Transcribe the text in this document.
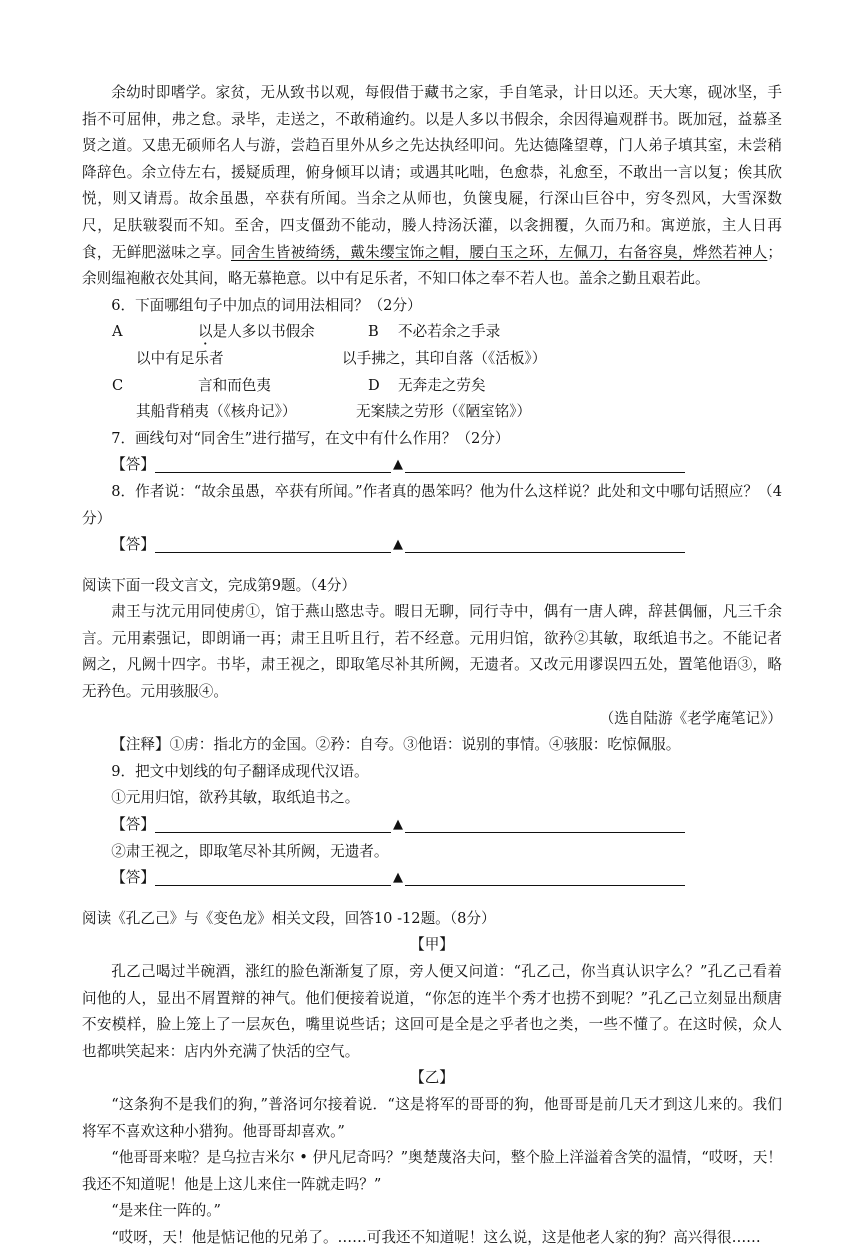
余幼时即嗜学。家贫，无从致书以观，每假借于藏书之家，手自笔录，计日以还。天大寒，砚冰坚，手指不可屈伸，弗之怠。录毕，走送之，不敢稍逾约。以是人多以书假余，余因得遍观群书。既加冠，益慕圣贤之道。又患无硕师名人与游，尝趋百里外从乡之先达执经叩问。先达德隆望尊，门人弟子填其室，未尝稍降辞色。余立侍左右，援疑质理，俯身倾耳以请；或遇其叱咄，色愈恭，礼愈至，不敢出一言以复；俟其欣悦，则又请焉。故余虽愚，卒获有所闻。当余之从师也，负箧曳屣，行深山巨谷中，穷冬烈风，大雪深数尺，足肤皲裂而不知。至舍，四支僵劲不能动，媵人持汤沃灌，以衾拥覆，久而乃和。寓逆旅，主人日再食，无鲜肥滋味之享。同舍生皆被绮绣，戴朱缨宝饰之帽，腰白玉之环，左佩刀，右备容臭，烨然若神人；余则缊袍敝衣处其间，略无慕艳意。以中有足乐者，不知口体之奉不若人也。盖余之勤且艰若此。

6．下面哪组句子中加点的词用法相同？（2分）

A	以是人多以书假余	B	不必若余之手录
以中有足乐者	以手拂之，其印自落（《活板》）
C	言和而色夷	D	无奔走之劳矣
其船背稍夷（《核舟记》）	无案牍之劳形（《陋室铭》）

7．画线句对“同舍生”进行描写，在文中有什么作用？（2分）

【答】	▲

8．作者说：“故余虽愚，卒获有所闻。”作者真的愚笨吗？他为什么这样说？此处和文中哪句话照应？（4分）

【答】	▲

阅读下面一段文言文，完成第9题。（4分）

肃王与沈元用同使虏①，馆于燕山愍忠寺。暇日无聊，同行寺中，偶有一唐人碑，辞甚偶俪，凡三千余言。元用素强记，即朗诵一再；肃王且听且行，若不经意。元用归馆，欲矜②其敏，取纸追书之。不能记者阙之，凡阙十四字。书毕，肃王视之，即取笔尽补其所阙，无遗者。又改元用谬误四五处，置笔他语③，略无矜色。元用骇服④。

（选自陆游《老学庵笔记》）

【注释】①虏：指北方的金国。②矜：自夸。③他语：说别的事情。④骇服：吃惊佩服。

9．把文中划线的句子翻译成现代汉语。

①元用归馆，欲矜其敏，取纸追书之。

【答】	▲

②肃王视之，即取笔尽补其所阙，无遗者。

【答】	▲

阅读《孔乙己》与《变色龙》相关文段，回答10 -12题。（8分）

【甲】

孔乙己喝过半碗酒，涨红的脸色渐渐复了原，旁人便又问道：“孔乙己，你当真认识字么？”孔乙己看着问他的人，显出不屑置辩的神气。他们便接着说道，“你怎的连半个秀才也捞不到呢？”孔乙己立刻显出颓唐不安模样，脸上笼上了一层灰色，嘴里说些话；这回可是全是之乎者也之类，一些不懂了。在这时候，众人也都哄笑起来：店内外充满了快活的空气。

【乙】

“这条狗不是我们的狗，”普洛诃尔接着说．“这是将军的哥哥的狗，他哥哥是前几天才到这儿来的。我们将军不喜欢这种小猎狗。他哥哥却喜欢。”

“他哥哥来啦？是乌拉吉米尔 • 伊凡尼奇吗？”奥楚蔑洛夫问，整个脸上洋溢着含笑的温情，“哎呀，天！我还不知道呢！他是上这儿来住一阵就走吗？”

“是来住一阵的。”

“哎呀，天！他是惦记他的兄弟了。……可我还不知道呢！这么说，这是他老人家的狗？高兴得很……
